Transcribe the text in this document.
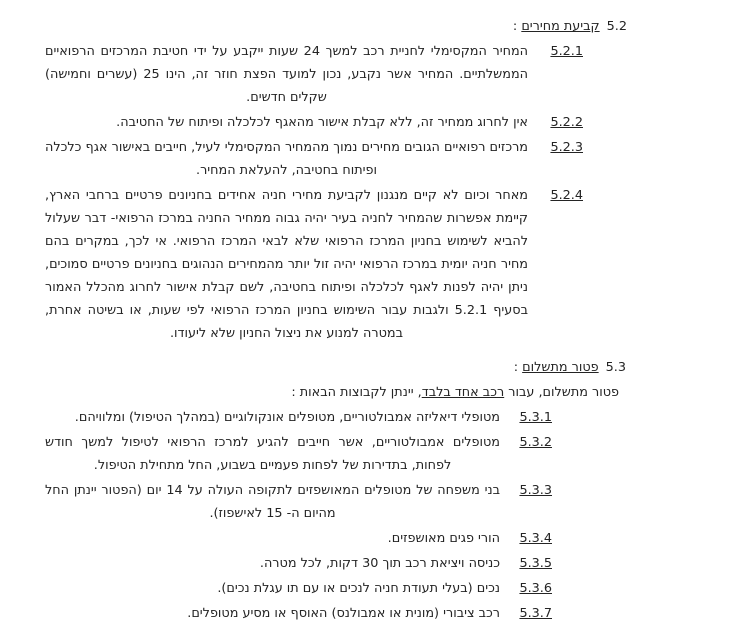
5.2קביעת מחירים :
5.2.1
המחיר המקסימלי לחניית רכב למשך 24 שעות ייקבע על ידי חטיבת המרכזים הרפואיים הממשלתיים. המחיר אשר נקבע, נכון למועד הפצת חוזר זה, הינו 25 (עשרים וחמישה) שקלים חדשים.
5.2.2
אין לחרוג ממחיר זה, ללא קבלת אישור מהאגף לכלכלה ופיתוח של החטיבה.
5.2.3
מרכזים רפואיים הגובים מחירים נמוך מהמחיר המקסימלי לעיל, חייבים באישור אגף כלכלה ופיתוח בחטיבה, להעלאת המחיר.
5.2.4
מאחר וכיום לא קיים מנגנון לקביעת מחירי חניה אחידים בחניונים פרטיים ברחבי הארץ, קיימת אפשרות שהמחיר לחניה בעיר יהיה גבוה ממחיר החניה במרכז הרפואי- דבר שעלול להביא לשימוש בחניון המרכז הרפואי שלא לבאי המרכז הרפואי. אי לכך, במקרים בהם מחיר חניה יומית במרכז הרפואי יהיה זול יותר מהמחירים הנהוגים בחניונים פרטיים סמוכים, ניתן יהיה לפנות לאגף לכלכלה ופיתוח בחטיבה, לשם קבלת אישור לחרוג מהכלל האמור בסעיף 5.2.1 ולגבות עבור השימוש בחניון המרכז הרפואי לפי שעות, או בשיטה אחרת, במטרה למנוע את ניצול החניון שלא ליעודו.
5.3פטור מתשלום :
פטור מתשלום, עבור רכב אחד בלבד, יינתן לקבוצות הבאות :
5.3.1
מטופלי דיאליזה אמבולטוריים, מטופלים אונקולוגיים (במהלך הטיפול) ומלוויהם.
5.3.2
מטופלים אמבולטוריים, אשר חייבים להגיע למרכז הרפואי לטיפול למשך חודש לפחות, בתדירות של לפחות פעמיים בשבוע, החל מתחילת הטיפול.
5.3.3
בני משפחה של מטופלים המאושפזים לתקופה העולה על 14 יום (הפטור יינתן החל מהיום ה- 15 לאישפוז).
5.3.4
הורי פגים מאושפזים.
5.3.5
כניסה ויציאת רכב תוך 30 דקות, לכל מטרה.
5.3.6
נכים (בעלי תעודת חניה לנכים או עם תו עגלת נכים).
5.3.7
רכב ציבורי (מונית או אמבולנס) האוסף או מסיע מטופלים.
